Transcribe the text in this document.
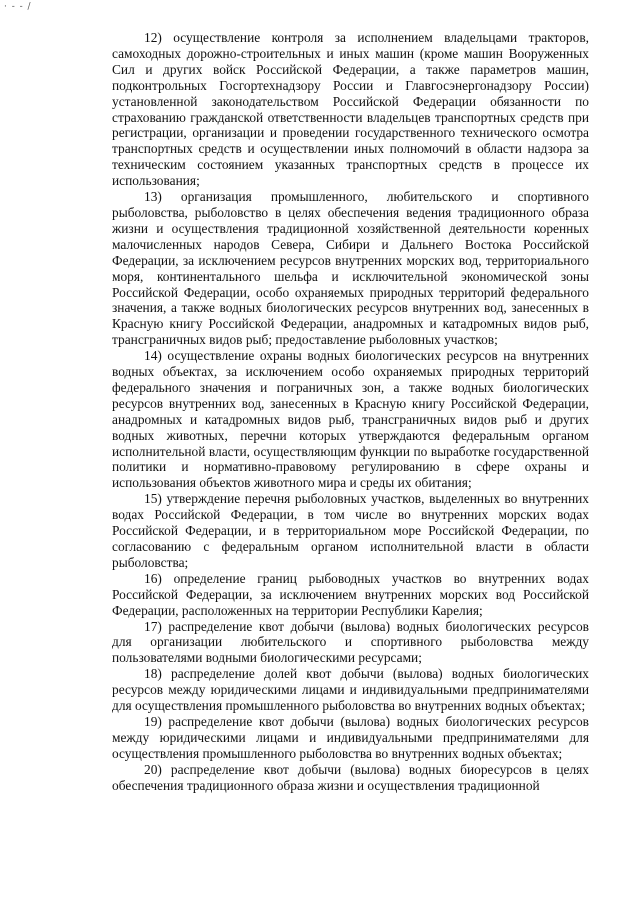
· - ‐ /

12) осуществление контроля за исполнением владельцами тракторов, самоходных дорожно-строительных и иных машин (кроме машин Вооруженных Сил и других войск Российской Федерации, а также параметров машин, подконтрольных Госгортехнадзору России и Главгосэнергонадзору России) установленной законодательством Российской Федерации обязанности по страхованию гражданской ответственности владельцев транспортных средств при регистрации, организации и проведении государственного технического осмотра транспортных средств и осуществлении иных полномочий в области надзора за техническим состоянием указанных транспортных средств в процессе их использования;

13) организация промышленного, любительского и спортивного рыболовства, рыболовство в целях обеспечения ведения традиционного образа жизни и осуществления традиционной хозяйственной деятельности коренных малочисленных народов Севера, Сибири и Дальнего Востока Российской Федерации, за исключением ресурсов внутренних морских вод, территориального моря, континентального шельфа и исключительной экономической зоны Российской Федерации, особо охраняемых природных территорий федерального значения, а также водных биологических ресурсов внутренних вод, занесенных в Красную книгу Российской Федерации, анадромных и катадромных видов рыб, трансграничных видов рыб; предоставление рыболовных участков;

14) осуществление охраны водных биологических ресурсов на внутренних водных объектах, за исключением особо охраняемых природных территорий федерального значения и пограничных зон, а также водных биологических ресурсов внутренних вод, занесенных в Красную книгу Российской Федерации, анадромных и катадромных видов рыб, трансграничных видов рыб и других водных животных, перечни которых утверждаются федеральным органом исполнительной власти, осуществляющим функции по выработке государственной политики и нормативно-правовому регулированию в сфере охраны и использования объектов животного мира и среды их обитания;

15) утверждение перечня рыболовных участков, выделенных во внутренних водах Российской Федерации, в том числе во внутренних морских водах Российской Федерации, и в территориальном море Российской Федерации, по согласованию с федеральным органом исполнительной власти в области рыболовства;

16) определение границ рыбоводных участков во внутренних водах Российской Федерации, за исключением внутренних морских вод Российской Федерации, расположенных на территории Республики Карелия;

17) распределение квот добычи (вылова) водных биологических ресурсов для организации любительского и спортивного рыболовства между пользователями водными биологическими ресурсами;

18) распределение долей квот добычи (вылова) водных биологических ресурсов между юридическими лицами и индивидуальными предпринимателями для осуществления промышленного рыболовства во внутренних водных объектах;

19) распределение квот добычи (вылова) водных биологических ресурсов между юридическими лицами и индивидуальными предпринимателями для осуществления промышленного рыболовства во внутренних водных объектах;

20) распределение квот добычи (вылова) водных биоресурсов в целях обеспечения традиционного образа жизни и осуществления традиционной
